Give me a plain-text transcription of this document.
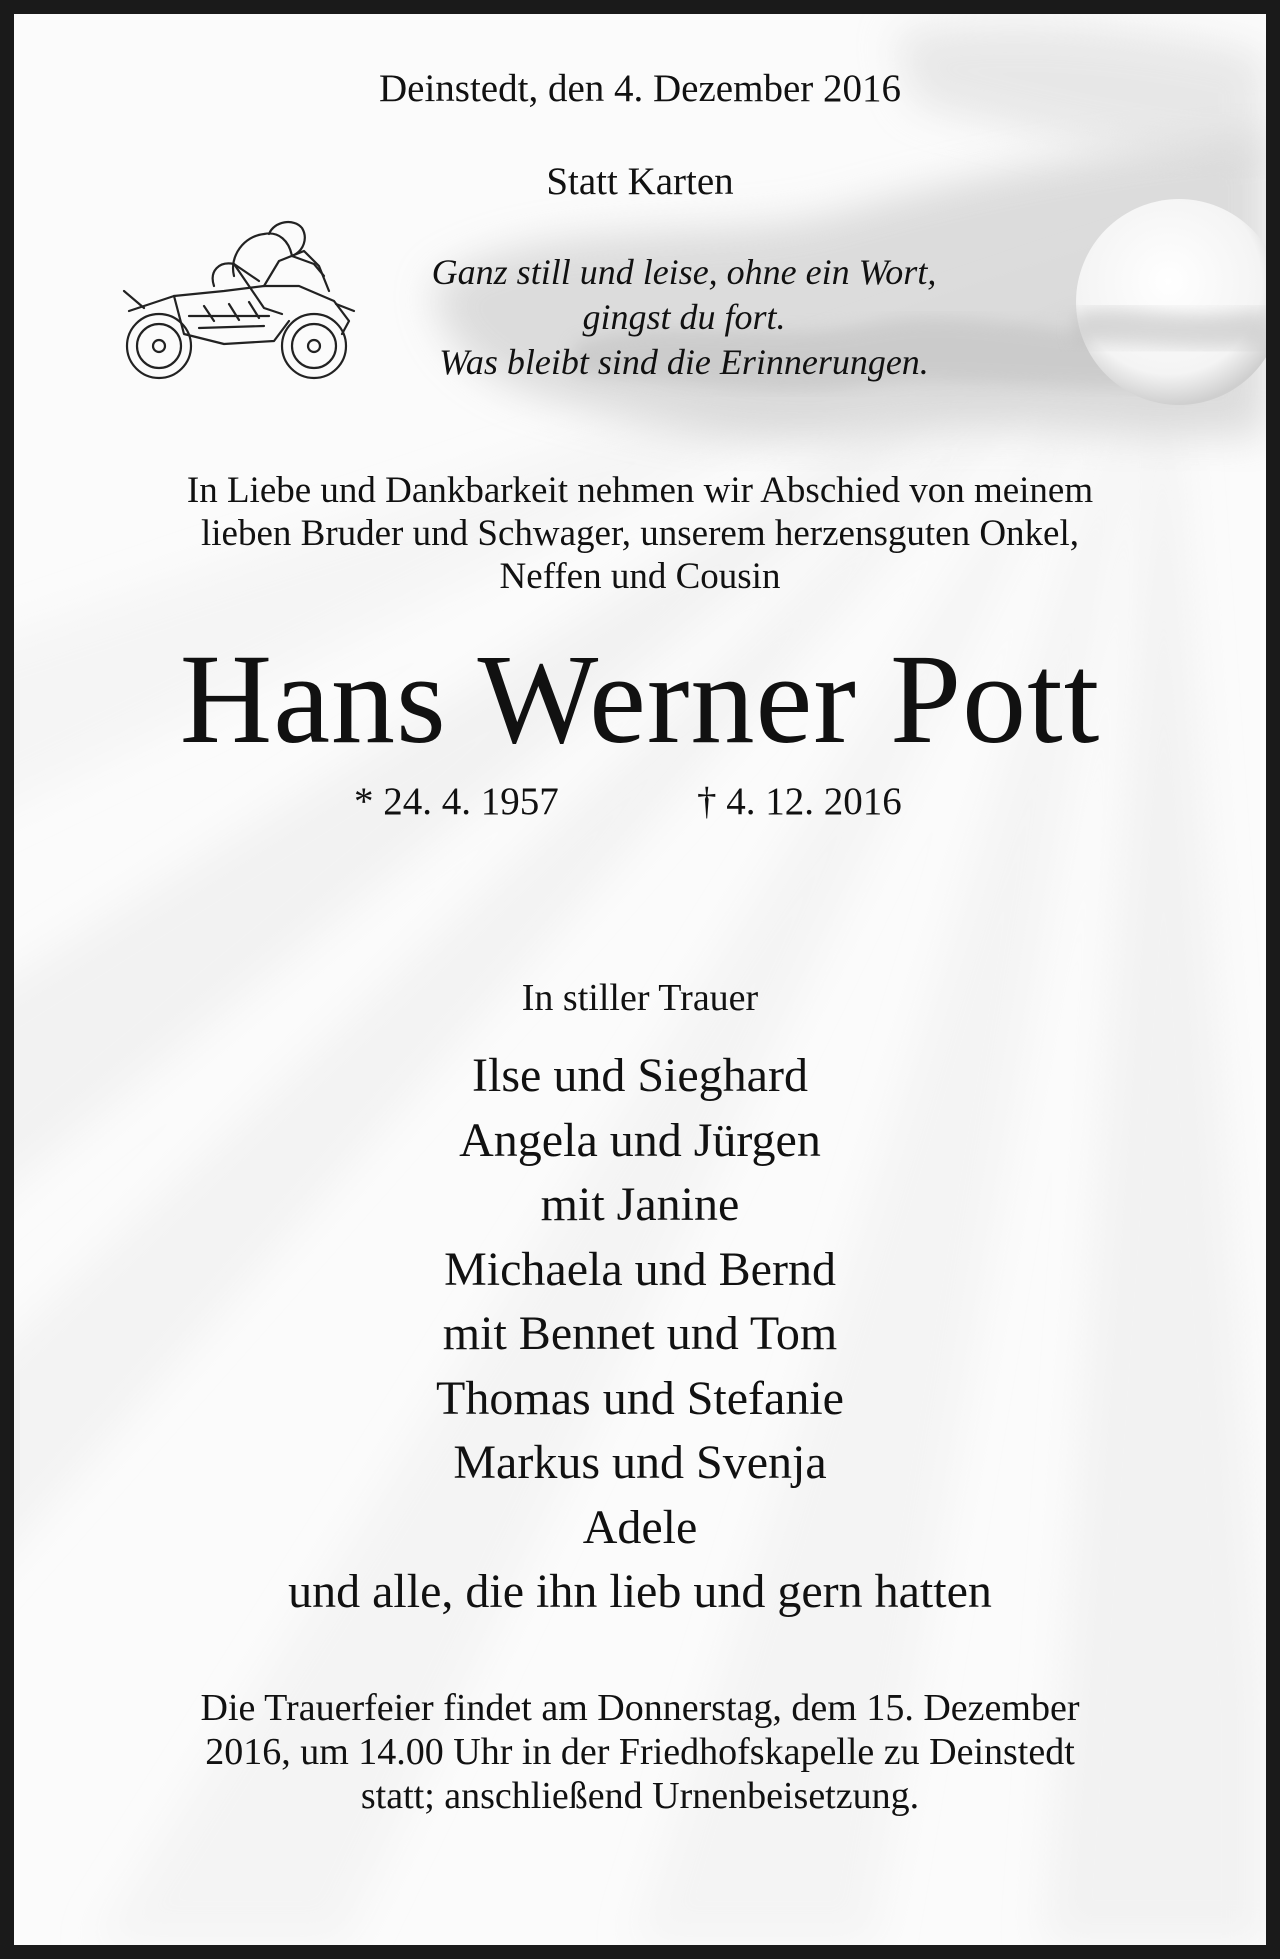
Deinstedt, den 4. Dezember 2016
Statt Karten
Ganz still und leise, ohne ein Wort,
gingst du fort.
Was bleibt sind die Erinnerungen.
In Liebe und Dankbarkeit nehmen wir Abschied von meinem
lieben Bruder und Schwager, unserem herzensguten Onkel,
Neffen und Cousin
Hans Werner Pott
* 24. 4. 1957	† 4. 12. 2016
In stiller Trauer
Ilse und Sieghard
Angela und Jürgen
mit Janine
Michaela und Bernd
mit Bennet und Tom
Thomas und Stefanie
Markus und Svenja
Adele
und alle, die ihn lieb und gern hatten
Die Trauerfeier findet am Donnerstag, dem 15. Dezember
2016, um 14.00 Uhr in der Friedhofskapelle zu Deinstedt
statt; anschließend Urnenbeisetzung.
